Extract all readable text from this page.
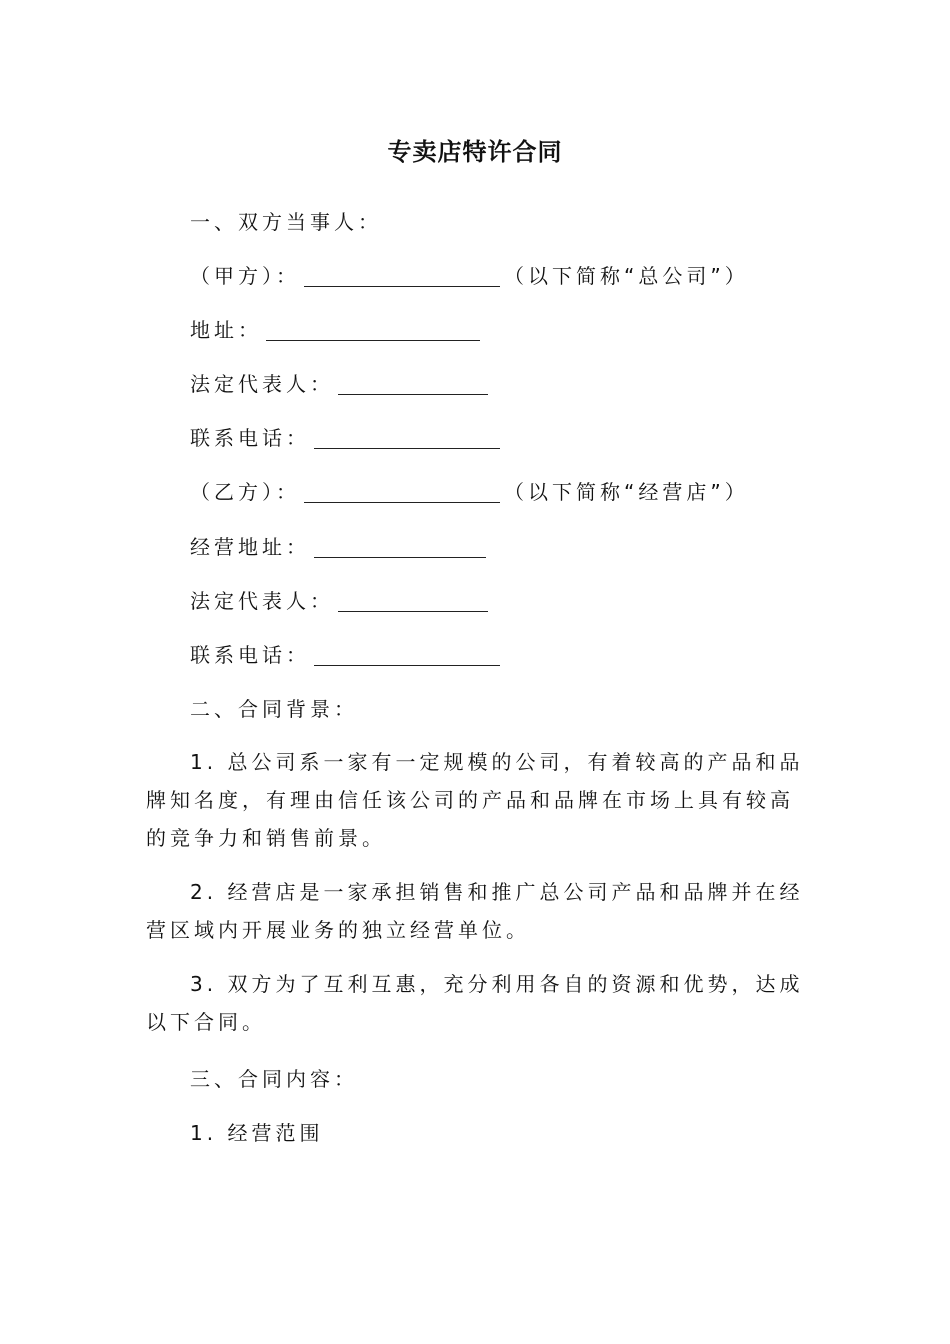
专卖店特许合同
一、双方当事人：
（甲方）：	（以下简称“总公司”）
地址：
法定代表人：
联系电话：
（乙方）：	（以下简称“经营店”）
经营地址：
法定代表人：
联系电话：
二、合同背景：
1. 总公司系一家有一定规模的公司，有着较高的产品和品牌知名度，有理由信任该公司的产品和品牌在市场上具有较高的竞争力和销售前景。
2. 经营店是一家承担销售和推广总公司产品和品牌并在经营区域内开展业务的独立经营单位。
3. 双方为了互利互惠，充分利用各自的资源和优势，达成以下合同。
三、合同内容：
1. 经营范围
